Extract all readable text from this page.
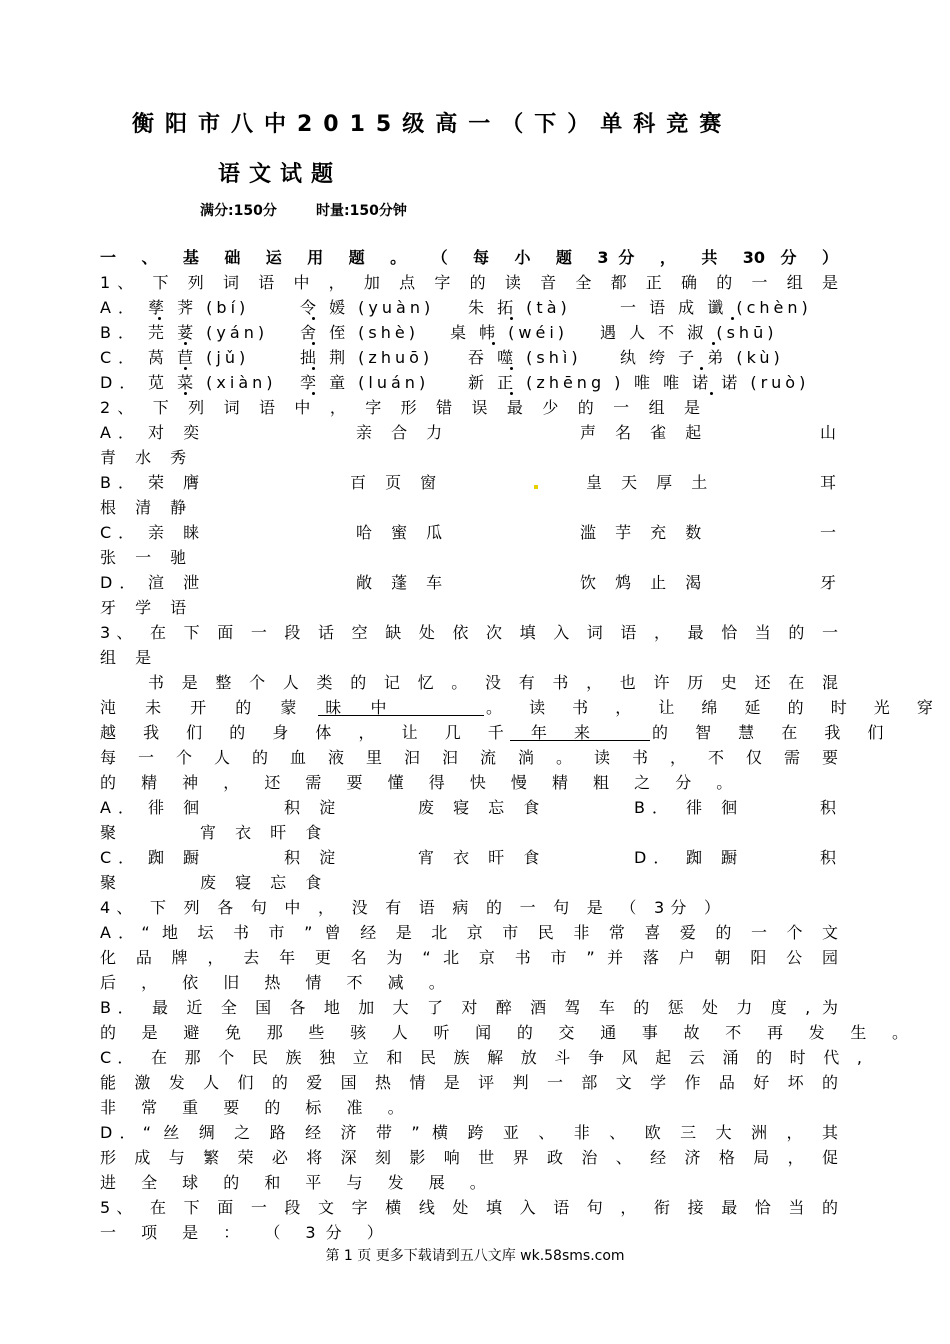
衡阳市八中2015级高一（下）单科竞赛
语文试题
满分:150分	时量:150分钟
一 、 基 础 运 用 题 。 （ 每 小 题 3分 ， 共 30 分 ）
1、 下 列 词 语 中 ， 加 点 字 的 读 音 全 都 正 确 的 一 组 是
A． 孳 荠 (bí)	令 媛 (yuàn) 朱 拓 (tà)	一 语 成 谶 (chèn)
B． 芫 荽 (yán) 舍 侄 (shè) 桌 帏 (wéi) 遇 人 不 淑 (shū)
C． 莴 苣 (jǔ)	拙 荆 (zhuō) 吞 噬 (shì) 纨 绔 子 弟 (kù)
D． 苋 菜 (xiàn) 孪 童 (luán) 新 正 (zhēng ) 唯 唯 诺 诺 (ruò)
2、 下 列 词 语 中 ， 字 形 错 误 最 少 的 一 组 是
A． 对 奕	亲 合 力	声 名 雀 起	山
青 水 秀
B． 荣 膺	百 页 窗	皇 天 厚 土	耳
根 清 静
C． 亲 睐	哈 蜜 瓜	滥 芋 充 数	一
张 一 驰
D． 渲 泄	敞 蓬 车	饮 鸩 止 渴	牙
牙 学 语
3、 在 下 面 一 段 话 空 缺 处 依 次 填 入 词 语 ， 最 恰 当 的 一
组 是
书 是 整 个 人 类 的 记 忆 。 没 有 书 ， 也 许 历 史 还 在 混
沌 未 开 的 蒙 昧 中	。 读 书 ， 让 绵 延 的 时 光 穿
越 我 们 的 身 体 ， 让 几 千 年 来	的 智 慧 在 我 们
每 一 个 人 的 血 液 里 汩 汩 流 淌 。 读 书 ， 不 仅 需 要
的 精 神 ， 还 需 要 懂 得 快 慢 精 粗 之 分 。
A． 徘 徊	积 淀	废 寝 忘 食	B． 徘 徊	积
聚	宵 衣 旰 食
C． 踟 蹰	积 淀	宵 衣 旰 食	D． 踟 蹰	积
聚	废 寝 忘 食
4、 下 列 各 句 中 ， 没 有 语 病 的 一 句 是 （ 3分 ）
A．“ 地 坛 书 市 ” 曾 经 是 北 京 市 民 非 常 喜 爱 的 一 个 文
化 品 牌 ， 去 年 更 名 为 “ 北 京 书 市 ” 并 落 户 朝 阳 公 园
后 ， 依 旧 热 情 不 减 。
B． 最 近 全 国 各 地 加 大 了 对 醉 酒 驾 车 的 惩 处 力 度 , 为
的 是 避 免 那 些 骇 人 听 闻 的 交 通 事 故 不 再 发 生 。
C． 在 那 个 民 族 独 立 和 民 族 解 放 斗 争 风 起 云 涌 的 时 代 ,
能 激 发 人 们 的 爱 国 热 情 是 评 判 一 部 文 学 作 品 好 坏 的
非 常 重 要 的 标 准 。
D．“ 丝 绸 之 路 经 济 带 ” 横 跨 亚 、 非 、 欧 三 大 洲 ， 其
形 成 与 繁 荣 必 将 深 刻 影 响 世 界 政 治 、 经 济 格 局 ， 促
进 全 球 的 和 平 与 发 展 。
5、 在 下 面 一 段 文 字 横 线 处 填 入 语 句 ， 衔 接 最 恰 当 的
一 项 是 ： （ 3分 ）
第 1 页 更多下载请到五八文库 wk.58sms.com
